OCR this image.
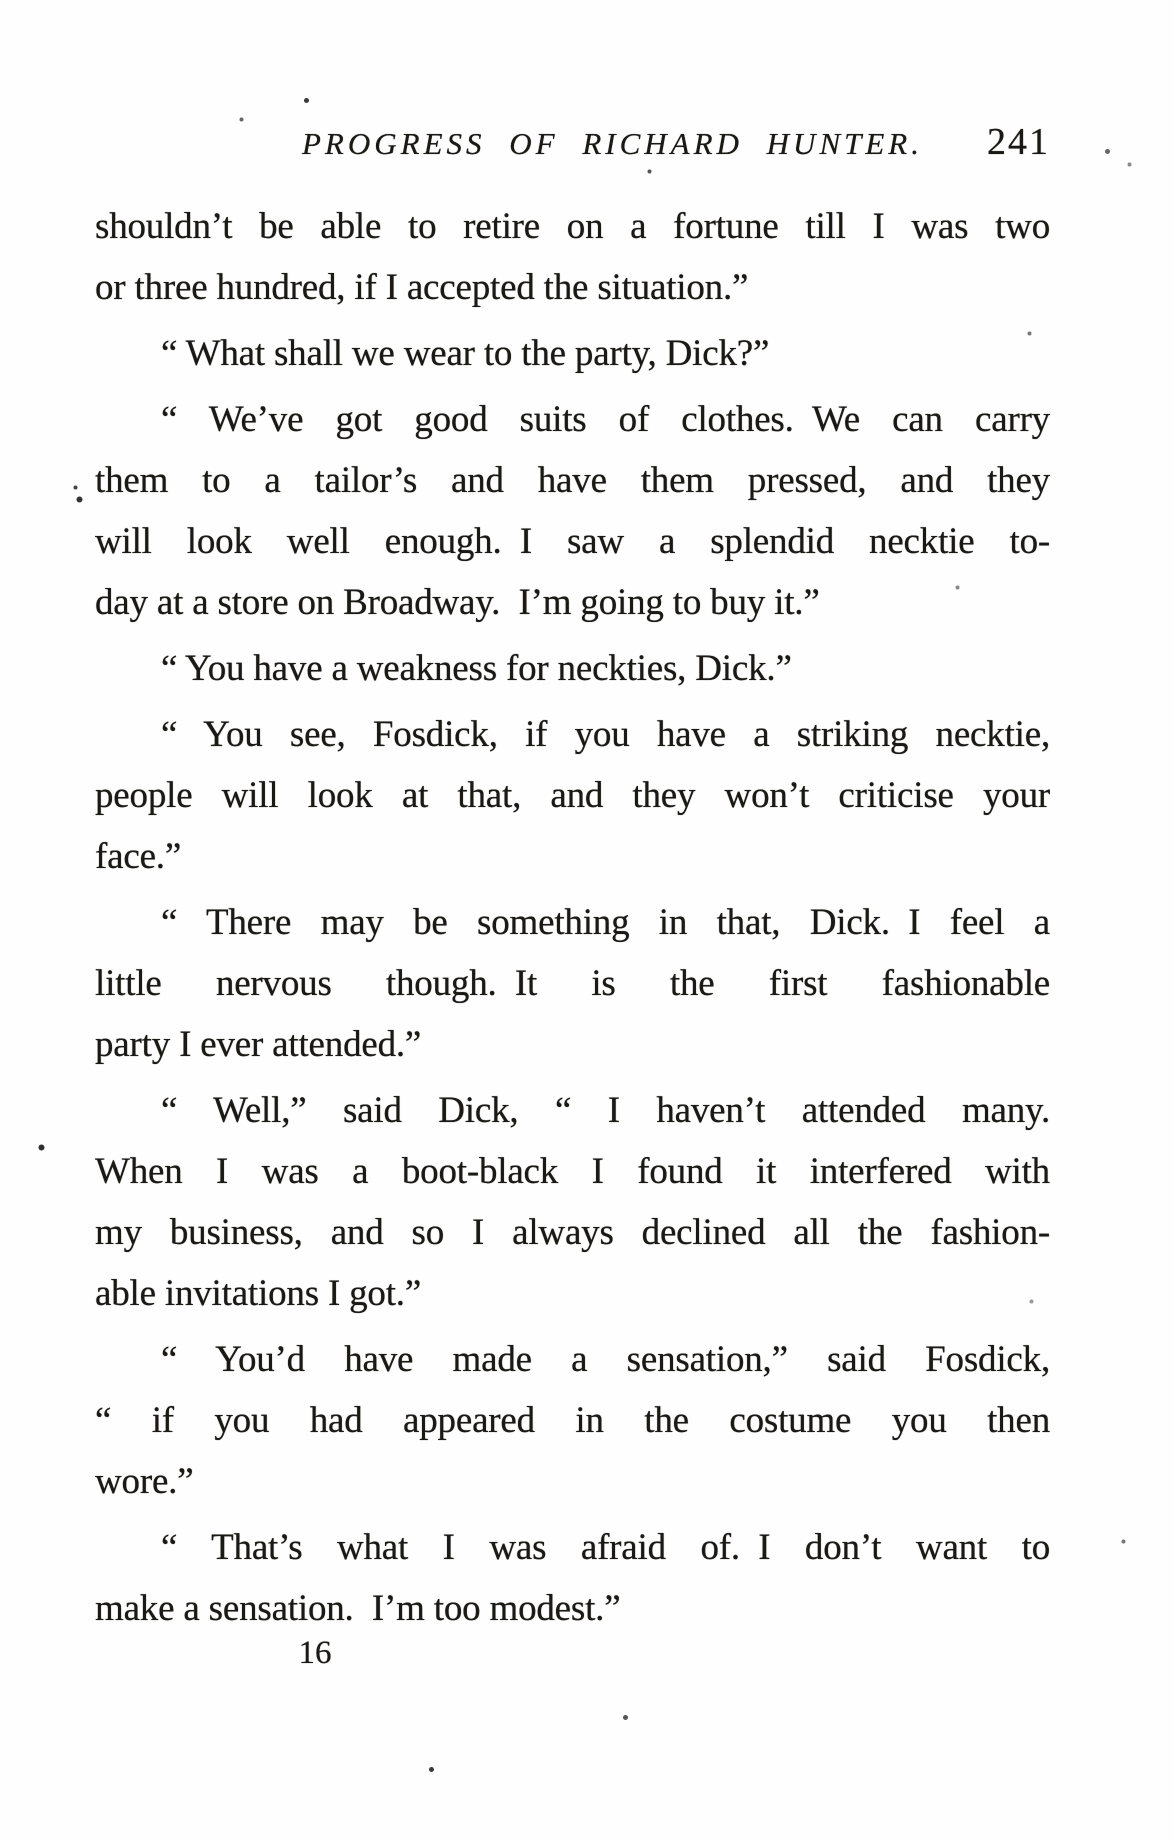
PROGRESS OF RICHARD HUNTER.	241
shouldn’t be able to retire on a fortune till I was two
or three hundred, if I accepted the situation.”
“ What shall we wear to the party, Dick?”
“ We’ve got good suits of clothes. We can carry
them to a tailor’s and have them pressed, and they
will look well enough. I saw a splendid necktie to-
day at a store on Broadway. I’m going to buy it.”
“ You have a weakness for neckties, Dick.”
“ You see, Fosdick, if you have a striking necktie,
people will look at that, and they won’t criticise your
face.”
“ There may be something in that, Dick. I feel a
little nervous though. It is the first fashionable
party I ever attended.”
“ Well,” said Dick, “ I haven’t attended many.
When I was a boot-black I found it interfered with
my business, and so I always declined all the fashion-
able invitations I got.”
“ You’d have made a sensation,” said Fosdick,
“ if you had appeared in the costume you then
wore.”
“ That’s what I was afraid of. I don’t want to
make a sensation. I’m too modest.”
16
